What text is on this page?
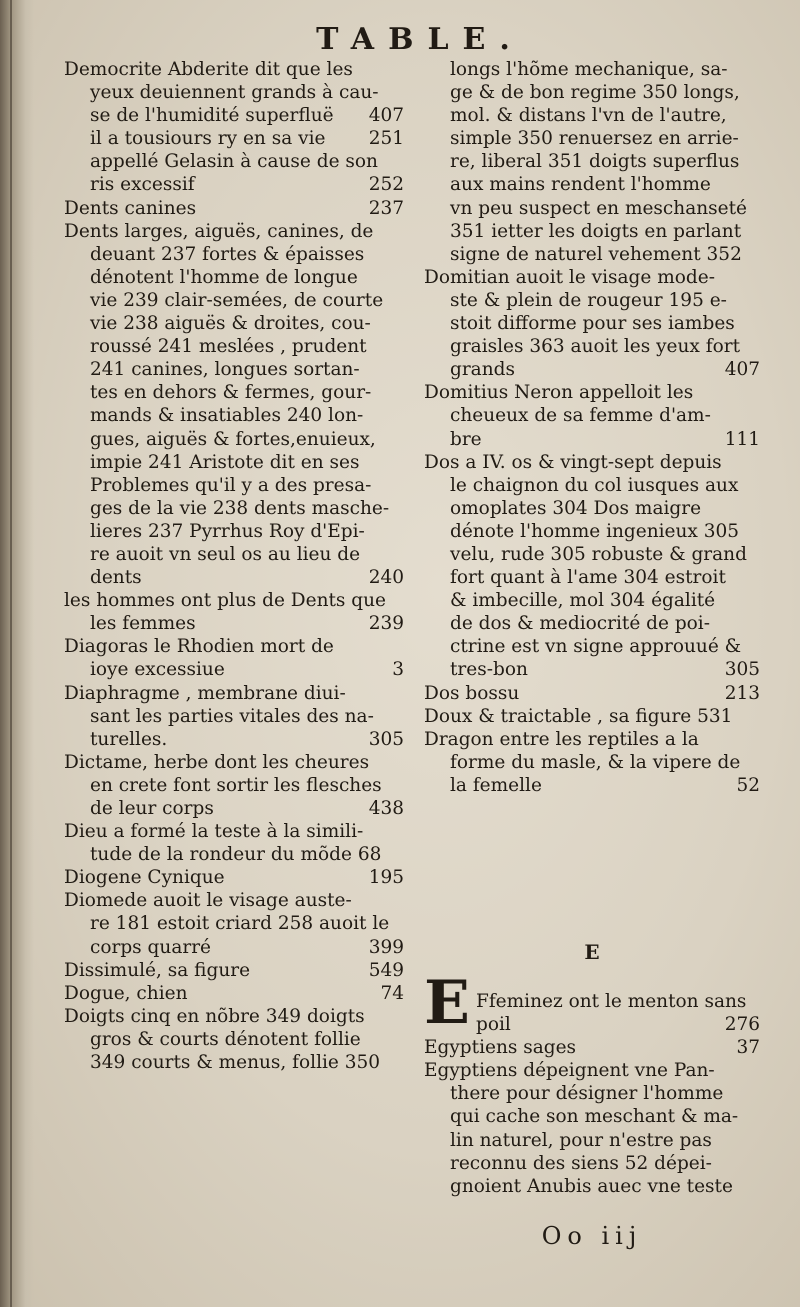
TABLE.
Democrite Abderite dit que les
yeux deuiennent grands à cau-
se de l'humidité superfluë 407
il a tousiours ry en sa vie 251
appellé Gelasin à cause de son
ris excessif	252
Dents canines	237
Dents larges, aiguës, canines, de
deuant 237 fortes & épaisses
dénotent l'homme de longue
vie 239 clair-semées, de courte
vie 238 aiguës & droites, cou-
roussé 241 meslées , prudent
241 canines, longues sortan-
tes en dehors & fermes, gour-
mands & insatiables 240 lon-
gues, aiguës & fortes,enuieux,
impie 241 Aristote dit en ses
Problemes qu'il y a des presa-
ges de la vie 238 dents masche-
lieres 237 Pyrrhus Roy d'Epi-
re auoit vn seul os au lieu de
dents	240
les hommes ont plus de Dents que
les femmes	239
Diagoras le Rhodien mort de
ioye excessiue	3
Diaphragme , membrane diui-
sant les parties vitales des na-
turelles.	305
Dictame, herbe dont les cheures
en crete font sortir les flesches
de leur corps	438
Dieu a formé la teste à la simili-
tude de la rondeur du mõde 68
Diogene Cynique	195
Diomede auoit le visage auste-
re 181 estoit criard 258 auoit le
corps quarré	399
Dissimulé, sa figure	549
Dogue, chien	74
Doigts cinq en nõbre 349 doigts
gros & courts dénotent follie
349 courts & menus, follie 350
longs l'hõme mechanique, sa-
ge & de bon regime 350 longs,
mol. & distans l'vn de l'autre,
simple 350 renuersez en arrie-
re, liberal 351 doigts superflus
aux mains rendent l'homme
vn peu suspect en meschanseté
351 ietter les doigts en parlant
signe de naturel vehement 352
Domitian auoit le visage mode-
ste & plein de rougeur 195 e-
stoit difforme pour ses iambes
graisles 363 auoit les yeux fort
grands	407
Domitius Neron appelloit les
cheueux de sa femme d'am-
bre	111
Dos a IV. os & vingt-sept depuis
le chaignon du col iusques aux
omoplates 304 Dos maigre
dénote l'homme ingenieux 305
velu, rude 305 robuste & grand
fort quant à l'ame 304 estroit
& imbecille, mol 304 égalité
de dos & mediocrité de poi-
ctrine est vn signe approuué &
tres-bon	305
Dos bossu	213
Doux & traictable , sa figure 531
Dragon entre les reptiles a la
forme du masle, & la vipere de
la femelle	52
E
E Ffeminez ont le menton sans
poil	276
Egyptiens sages	37
Egyptiens dépeignent vne Pan-
there pour désigner l'homme
qui cache son meschant & ma-
lin naturel, pour n'estre pas
reconnu des siens 52 dépei-
gnoient Anubis auec vne teste
Oo iij
